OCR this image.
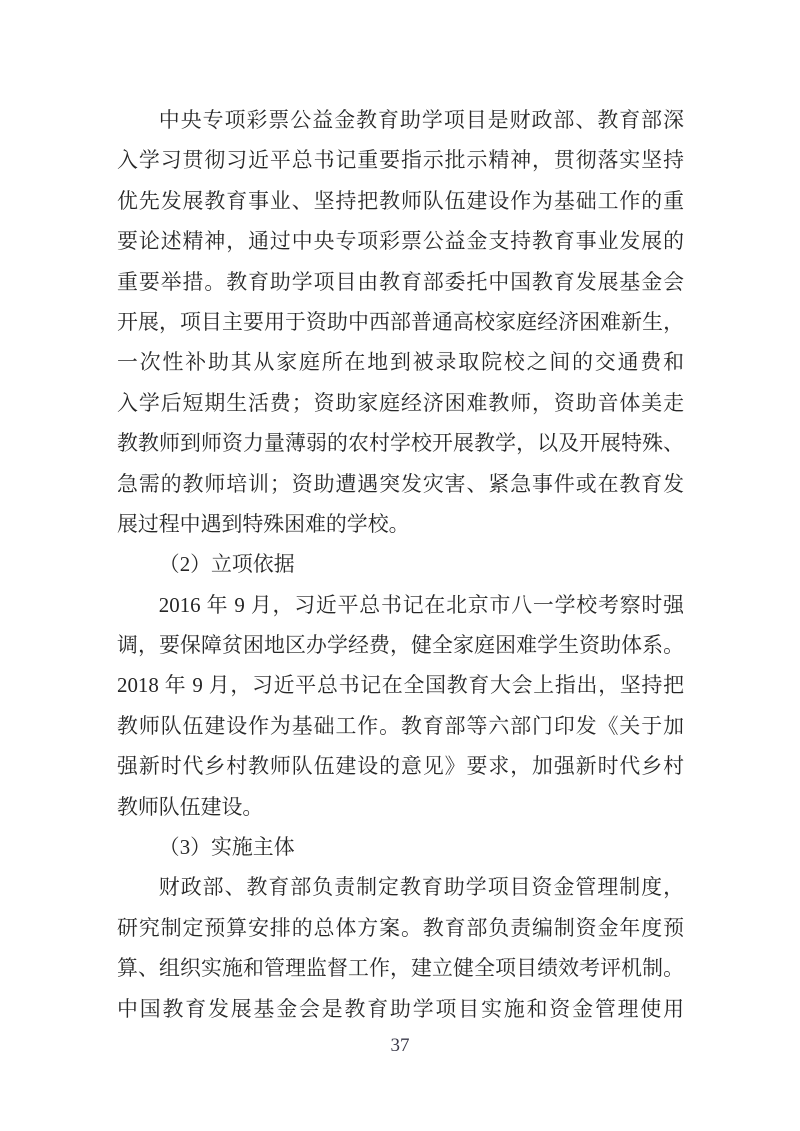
中央专项彩票公益金教育助学项目是财政部、教育部深
入学习贯彻习近平总书记重要指示批示精神，贯彻落实坚持
优先发展教育事业、坚持把教师队伍建设作为基础工作的重
要论述精神，通过中央专项彩票公益金支持教育事业发展的
重要举措。教育助学项目由教育部委托中国教育发展基金会
开展，项目主要用于资助中西部普通高校家庭经济困难新生，
一次性补助其从家庭所在地到被录取院校之间的交通费和
入学后短期生活费；资助家庭经济困难教师，资助音体美走
教教师到师资力量薄弱的农村学校开展教学，以及开展特殊、
急需的教师培训；资助遭遇突发灾害、紧急事件或在教育发
展过程中遇到特殊困难的学校。
（2）立项依据
2016 年 9 月，习近平总书记在北京市八一学校考察时强
调，要保障贫困地区办学经费，健全家庭困难学生资助体系。
2018 年 9 月，习近平总书记在全国教育大会上指出，坚持把
教师队伍建设作为基础工作。教育部等六部门印发《关于加
强新时代乡村教师队伍建设的意见》要求，加强新时代乡村
教师队伍建设。
（3）实施主体
财政部、教育部负责制定教育助学项目资金管理制度，
研究制定预算安排的总体方案。教育部负责编制资金年度预
算、组织实施和管理监督工作，建立健全项目绩效考评机制。
中国教育发展基金会是教育助学项目实施和资金管理使用
37
